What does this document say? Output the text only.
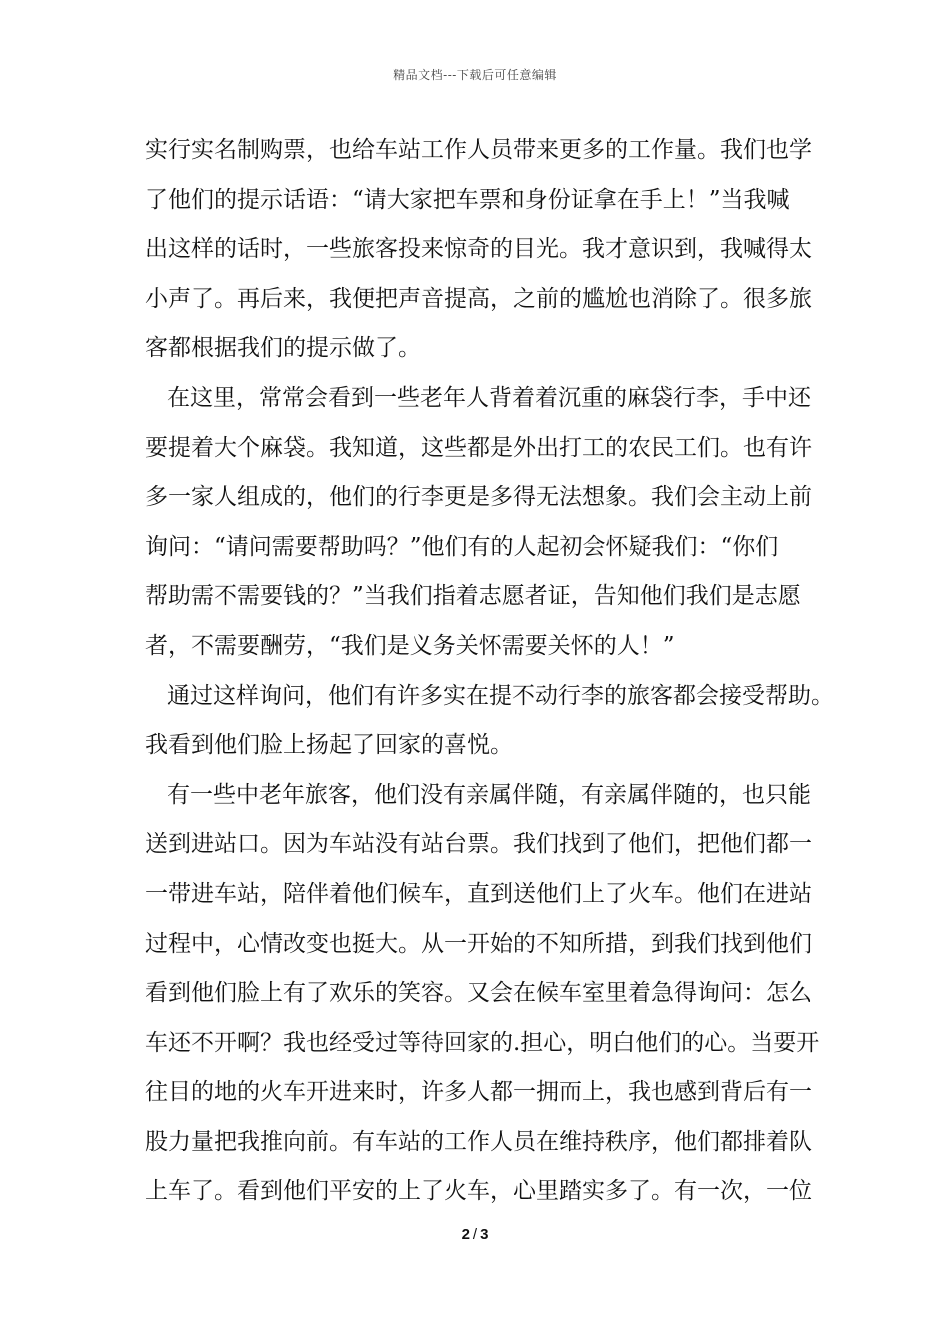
精品文档---下载后可任意编辑

实行实名制购票，也给车站工作人员带来更多的工作量。我们也学
了他们的提示话语：“请大家把车票和身份证拿在手上！”当我喊
出这样的话时，一些旅客投来惊奇的目光。我才意识到，我喊得太
小声了。再后来，我便把声音提高，之前的尴尬也消除了。很多旅
客都根据我们的提示做了。

在这里，常常会看到一些老年人背着着沉重的麻袋行李，手中还
要提着大个麻袋。我知道，这些都是外出打工的农民工们。也有许
多一家人组成的，他们的行李更是多得无法想象。我们会主动上前
询问：“请问需要帮助吗？”他们有的人起初会怀疑我们：“你们
帮助需不需要钱的？”当我们指着志愿者证，告知他们我们是志愿
者，不需要酬劳，“我们是义务关怀需要关怀的人！”

通过这样询问，他们有许多实在提不动行李的旅客都会接受帮助。
我看到他们脸上扬起了回家的喜悦。

有一些中老年旅客，他们没有亲属伴随，有亲属伴随的，也只能
送到进站口。因为车站没有站台票。我们找到了他们，把他们都一
一带进车站，陪伴着他们候车，直到送他们上了火车。他们在进站
过程中，心情改变也挺大。从一开始的不知所措，到我们找到他们
看到他们脸上有了欢乐的笑容。又会在候车室里着急得询问：怎么
车还不开啊？我也经受过等待回家的.担心，明白他们的心。当要开
往目的地的火车开进来时，许多人都一拥而上，我也感到背后有一
股力量把我推向前。有车站的工作人员在维持秩序，他们都排着队
上车了。看到他们平安的上了火车，心里踏实多了。有一次，一位

2 / 3
